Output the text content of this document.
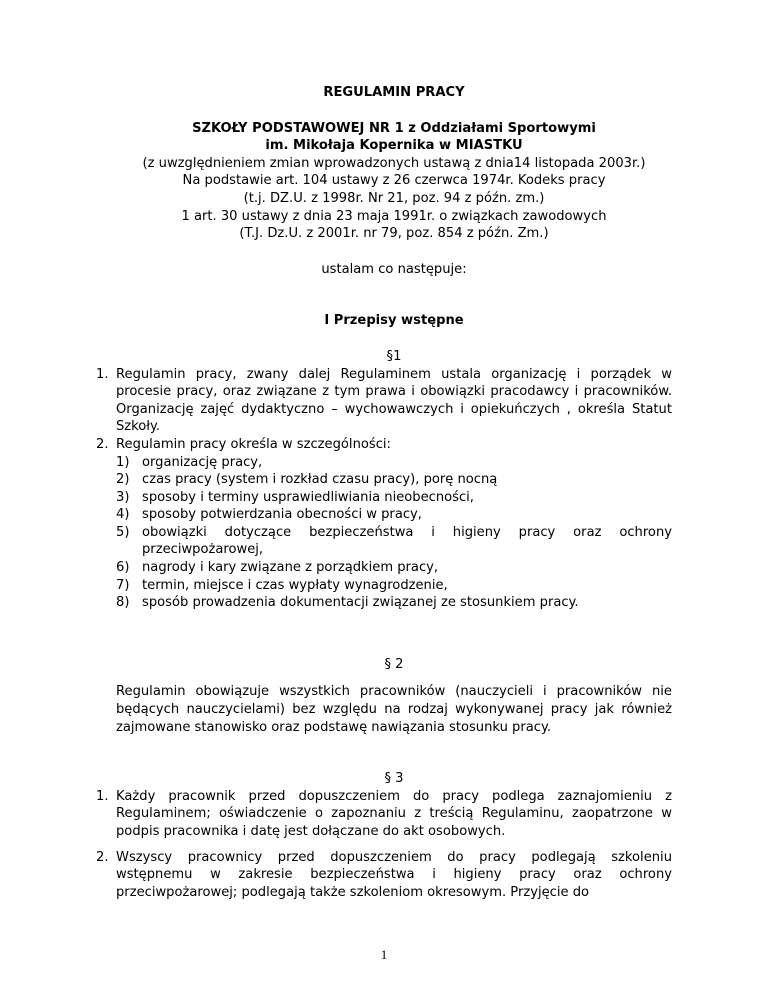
REGULAMIN PRACY

SZKOŁY PODSTAWOWEJ NR 1 z Oddziałami Sportowymi

im. Mikołaja Kopernika w MIASTKU

(z uwzględnieniem zmian wprowadzonych ustawą z dnia14 listopada 2003r.)

Na podstawie art. 104 ustawy z 26 czerwca 1974r. Kodeks pracy

(t.j. DZ.U. z 1998r. Nr 21, poz. 94 z późn. zm.)

1 art. 30 ustawy z dnia 23 maja 1991r. o związkach zawodowych

(T.J. Dz.U. z 2001r. nr 79, poz. 854 z późn. Zm.)

ustalam co następuje:

I Przepisy wstępne

§1

1. Regulamin pracy, zwany dalej Regulaminem ustala organizację i porządek w procesie pracy, oraz związane z tym prawa i obowiązki pracodawcy i pracowników. Organizację zajęć dydaktyczno – wychowawczych i opiekuńczych , określa Statut Szkoły.
2. Regulamin pracy określa w szczególności:
1) organizację pracy,
2) czas pracy (system i rozkład czasu pracy), porę nocną
3) sposoby i terminy usprawiedliwiania nieobecności,
4) sposoby potwierdzania obecności w pracy,
5) obowiązki dotyczące bezpieczeństwa i higieny pracy oraz ochrony przeciwpożarowej,
6) nagrody i kary związane z porządkiem pracy,
7) termin, miejsce i czas wypłaty wynagrodzenie,
8) sposób prowadzenia dokumentacji związanej ze stosunkiem pracy.

§ 2

Regulamin obowiązuje wszystkich pracowników (nauczycieli i pracowników nie będących nauczycielami) bez względu na rodzaj wykonywanej pracy jak również zajmowane stanowisko oraz podstawę nawiązania stosunku pracy.

§ 3

1. Każdy pracownik przed dopuszczeniem do pracy podlega zaznajomieniu z Regulaminem; oświadczenie o zapoznaniu z treścią Regulaminu, zaopatrzone w podpis pracownika i datę jest dołączane do akt osobowych.
2. Wszyscy pracownicy przed dopuszczeniem do pracy podlegają szkoleniu wstępnemu w zakresie bezpieczeństwa i higieny pracy oraz ochrony przeciwpożarowej; podlegają także szkoleniom okresowym. Przyjęcie do
1
